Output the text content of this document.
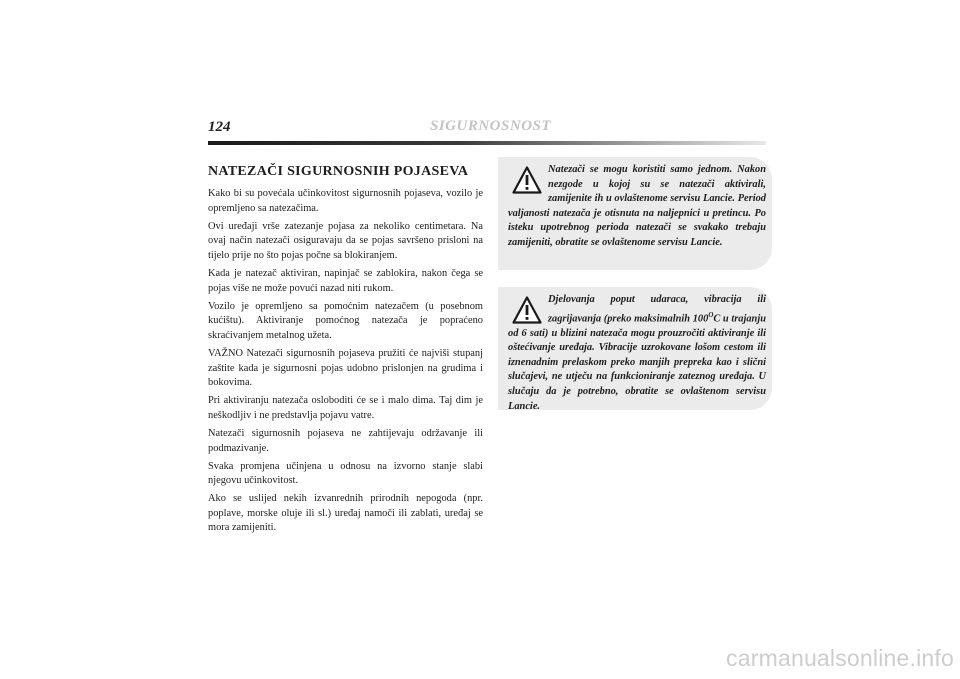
124	SIGURNOSNOST
NATEZAČI SIGURNOSNIH POJASEVA

Kako bi su povećala učinkovitost sigurnosnih pojaseva, vozilo je opremljeno sa natezačima.

Ovi uređaji vrše zatezanje pojasa za nekoliko centimetara. Na ovaj način natezači osiguravaju da se pojas savršeno prisloni na tijelo prije no što pojas počne sa blokiranjem.

Kada je natezač aktiviran, napinjač se zablokira, nakon čega se pojas više ne može povući nazad niti rukom.

Vozilo je opremljeno sa pomoćnim natezačem (u posebnom kućištu). Aktiviranje pomoćnog natezača je popraćeno skraćivanjem metalnog užeta.

VAŽNO Natezači sigurnosnih pojaseva pružiti će najviši stupanj zaštite kada je sigurnosni pojas udobno prislonjen na grudima i bokovima.

Pri aktiviranju natezača osloboditi će se i malo dima. Taj dim je neškodljiv i ne predstavlja pojavu vatre.

Natezači sigurnosnih pojaseva ne zahtijevaju održavanje ili podmazivanje.

Svaka promjena učinjena u odnosu na izvorno stanje slabi njegovu učinkovitost.

Ako se uslijed nekih izvanrednih prirodnih nepogoda (npr. poplave, morske oluje ili sl.) uređaj namoči ili zablati, uređaj se mora zamijeniti.

Natezači se mogu koristiti samo jednom. Nakon nezgode u kojoj su se natezači aktivirali, zamijenite ih u ovlaštenome servisu Lancie. Period valjanosti natezača je otisnuta na naljepnici u pretincu. Po isteku upotrebnog perioda natezači se svakako trebaju zamijeniti, obratite se ovlaštenome servisu Lancie.

Djelovanja poput udaraca, vibracija ili zagrijavanja (preko maksimalnih $100^OC$ u trajanju od 6 sati) u blizini natezača mogu prouzročiti aktiviranje ili oštećivanje uređaja. Vibracije uzrokovane lošom cestom ili iznenadnim prelaskom preko manjih prepreka kao i slični slučajevi, ne utječu na funkcioniranje zateznog uređaja. U slučaju da je potrebno, obratite se ovlaštenom servisu Lancie.

carmanualsonline.info
